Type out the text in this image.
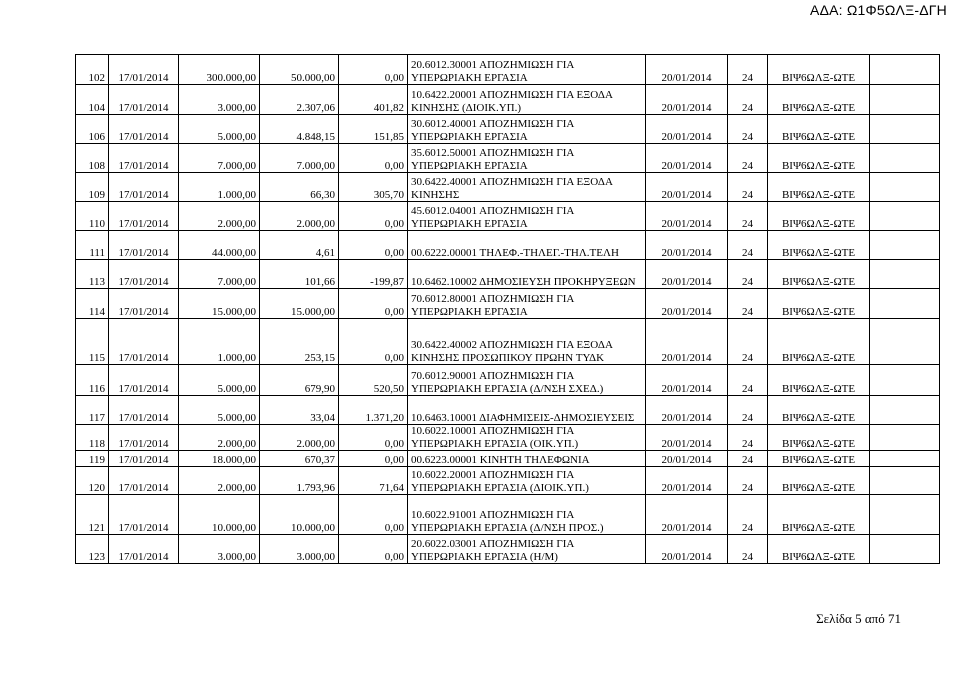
ΑΔΑ: Ω1Φ5ΩΛΞ-ΔΓΗ
102	17/01/2014	300.000,00	50.000,00	0,00	20.6012.30001 ΑΠΟΖΗΜΙΩΣΗ ΓΙΑ ΥΠΕΡΩΡΙΑΚΗ ΕΡΓΑΣΙΑ	20/01/2014	24	ΒΙΨ6ΩΛΞ-ΩΤΕ	
104	17/01/2014	3.000,00	2.307,06	401,82	10.6422.20001 ΑΠΟΖΗΜΙΩΣΗ ΓΙΑ ΕΞΟΔΑ ΚΙΝΗΣΗΣ (ΔΙΟΙΚ.ΥΠ.)	20/01/2014	24	ΒΙΨ6ΩΛΞ-ΩΤΕ	
106	17/01/2014	5.000,00	4.848,15	151,85	30.6012.40001 ΑΠΟΖΗΜΙΩΣΗ ΓΙΑ ΥΠΕΡΩΡΙΑΚΗ ΕΡΓΑΣΙΑ	20/01/2014	24	ΒΙΨ6ΩΛΞ-ΩΤΕ	
108	17/01/2014	7.000,00	7.000,00	0,00	35.6012.50001 ΑΠΟΖΗΜΙΩΣΗ ΓΙΑ ΥΠΕΡΩΡΙΑΚΗ ΕΡΓΑΣΙΑ	20/01/2014	24	ΒΙΨ6ΩΛΞ-ΩΤΕ	
109	17/01/2014	1.000,00	66,30	305,70	30.6422.40001 ΑΠΟΖΗΜΙΩΣΗ ΓΙΑ ΕΞΟΔΑ ΚΙΝΗΣΗΣ	20/01/2014	24	ΒΙΨ6ΩΛΞ-ΩΤΕ	
110	17/01/2014	2.000,00	2.000,00	0,00	45.6012.04001 ΑΠΟΖΗΜΙΩΣΗ ΓΙΑ ΥΠΕΡΩΡΙΑΚΗ ΕΡΓΑΣΙΑ	20/01/2014	24	ΒΙΨ6ΩΛΞ-ΩΤΕ	
111	17/01/2014	44.000,00	4,61	0,00	00.6222.00001 ΤΗΛΕΦ.-ΤΗΛΕΓ.-ΤΗΛ.ΤΕΛΗ	20/01/2014	24	ΒΙΨ6ΩΛΞ-ΩΤΕ	
113	17/01/2014	7.000,00	101,66	-199,87	10.6462.10002 ΔΗΜΟΣΙΕΥΣΗ ΠΡΟΚΗΡΥΞΕΩΝ	20/01/2014	24	ΒΙΨ6ΩΛΞ-ΩΤΕ	
114	17/01/2014	15.000,00	15.000,00	0,00	70.6012.80001 ΑΠΟΖΗΜΙΩΣΗ ΓΙΑ ΥΠΕΡΩΡΙΑΚΗ ΕΡΓΑΣΙΑ	20/01/2014	24	ΒΙΨ6ΩΛΞ-ΩΤΕ	
115	17/01/2014	1.000,00	253,15	0,00	30.6422.40002 ΑΠΟΖΗΜΙΩΣΗ ΓΙΑ ΕΞΟΔΑ ΚΙΝΗΣΗΣ ΠΡΟΣΩΠΙΚΟΥ ΠΡΩΗΝ ΤΥΔΚ	20/01/2014	24	ΒΙΨ6ΩΛΞ-ΩΤΕ	
116	17/01/2014	5.000,00	679,90	520,50	70.6012.90001 ΑΠΟΖΗΜΙΩΣΗ ΓΙΑ ΥΠΕΡΩΡΙΑΚΗ ΕΡΓΑΣΙΑ (Δ/ΝΣΗ ΣΧΕΔ.)	20/01/2014	24	ΒΙΨ6ΩΛΞ-ΩΤΕ	
117	17/01/2014	5.000,00	33,04	1.371,20	10.6463.10001 ΔΙΑΦΗΜΙΣΕΙΣ-ΔΗΜΟΣΙΕΥΣΕΙΣ	20/01/2014	24	ΒΙΨ6ΩΛΞ-ΩΤΕ	
118	17/01/2014	2.000,00	2.000,00	0,00	10.6022.10001 ΑΠΟΖΗΜΙΩΣΗ ΓΙΑ ΥΠΕΡΩΡΙΑΚΗ ΕΡΓΑΣΙΑ (ΟΙΚ.ΥΠ.)	20/01/2014	24	ΒΙΨ6ΩΛΞ-ΩΤΕ	
119	17/01/2014	18.000,00	670,37	0,00	00.6223.00001 ΚΙΝΗΤΗ ΤΗΛΕΦΩΝΙΑ	20/01/2014	24	ΒΙΨ6ΩΛΞ-ΩΤΕ	
120	17/01/2014	2.000,00	1.793,96	71,64	10.6022.20001 ΑΠΟΖΗΜΙΩΣΗ ΓΙΑ ΥΠΕΡΩΡΙΑΚΗ ΕΡΓΑΣΙΑ (ΔΙΟΙΚ.ΥΠ.)	20/01/2014	24	ΒΙΨ6ΩΛΞ-ΩΤΕ	
121	17/01/2014	10.000,00	10.000,00	0,00	10.6022.91001 ΑΠΟΖΗΜΙΩΣΗ ΓΙΑ ΥΠΕΡΩΡΙΑΚΗ ΕΡΓΑΣΙΑ (Δ/ΝΣΗ ΠΡΟΣ.)	20/01/2014	24	ΒΙΨ6ΩΛΞ-ΩΤΕ	
123	17/01/2014	3.000,00	3.000,00	0,00	20.6022.03001 ΑΠΟΖΗΜΙΩΣΗ ΓΙΑ ΥΠΕΡΩΡΙΑΚΗ ΕΡΓΑΣΙΑ (Η/Μ)	20/01/2014	24	ΒΙΨ6ΩΛΞ-ΩΤΕ	
Σελίδα 5 από 71
